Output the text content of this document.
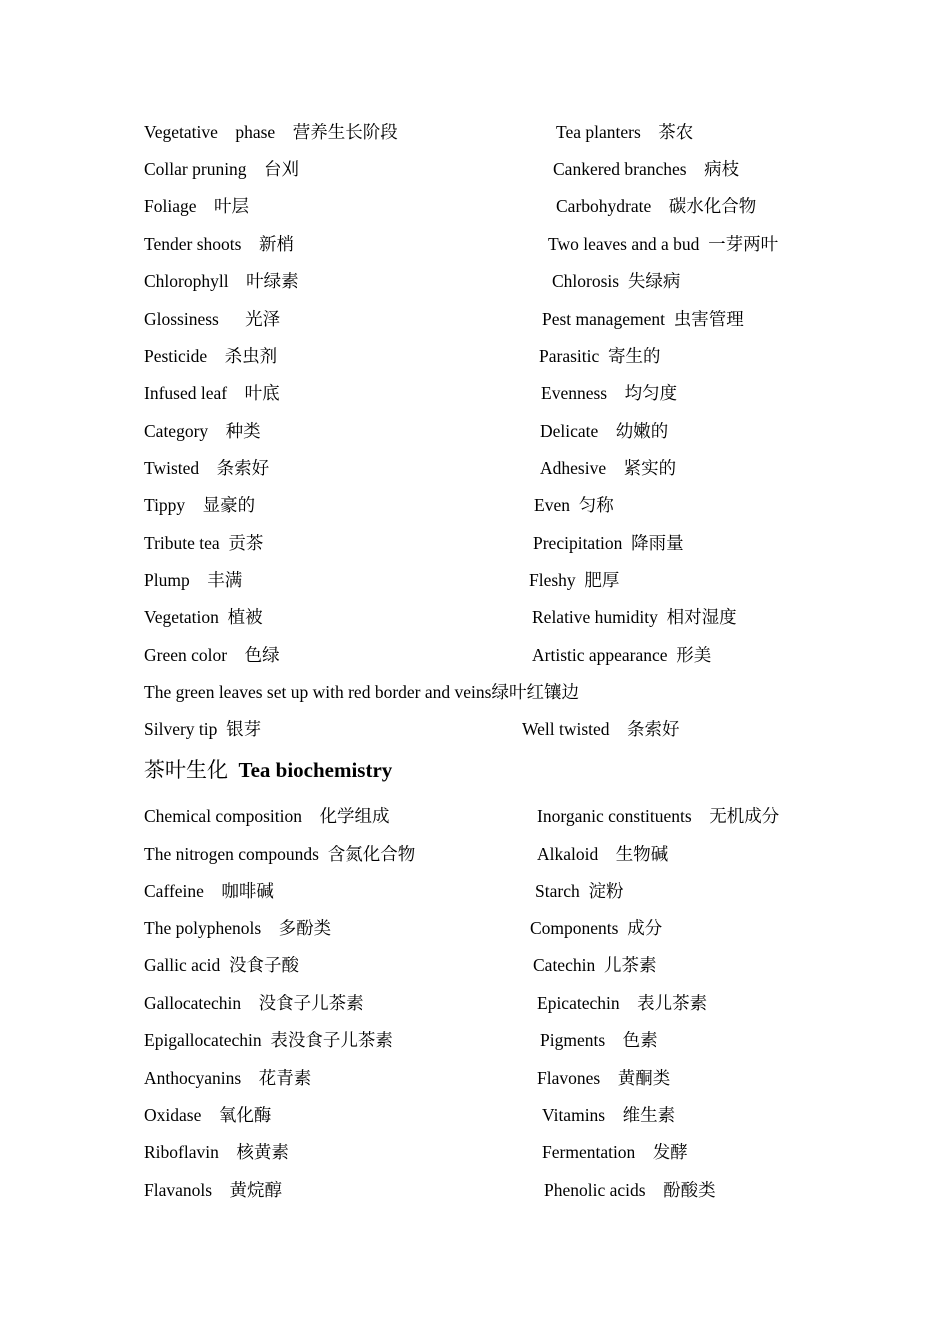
Vegetative    phase    营养生长阶段	Tea planters    茶农
Collar pruning    台刈	Cankered branches    病枝
Foliage    叶层	Carbohydrate    碳水化合物
Tender shoots    新梢	Two leaves and a bud  一芽两叶
Chlorophyll    叶绿素	Chlorosis  失绿病
Glossiness      光泽	Pest management  虫害管理
Pesticide    杀虫剂	Parasitic  寄生的
Infused leaf    叶底	Evenness    均匀度
Category    种类	Delicate    幼嫩的
Twisted    条索好	Adhesive    紧实的
Tippy    显豪的	Even  匀称
Tribute tea  贡茶	Precipitation  降雨量
Plump    丰满	Fleshy  肥厚
Vegetation  植被	Relative humidity  相对湿度
Green color    色绿	Artistic appearance  形美
The green leaves set up with red border and veins绿叶红镶边
Silvery tip  银芽	Well twisted    条索好
茶叶生化 Tea biochemistry
Chemical composition    化学组成	Inorganic constituents    无机成分
The nitrogen compounds  含氮化合物	Alkaloid    生物碱
Caffeine    咖啡碱	Starch  淀粉
The polyphenols    多酚类	Components  成分
Gallic acid  没食子酸	Catechin  儿茶素
Gallocatechin    没食子儿茶素	Epicatechin    表儿茶素
Epigallocatechin  表没食子儿茶素	Pigments    色素
Anthocyanins    花青素	Flavones    黄酮类
Oxidase    氧化酶	Vitamins    维生素
Riboflavin    核黄素	Fermentation    发酵
Flavanols    黄烷醇	Phenolic acids    酚酸类
